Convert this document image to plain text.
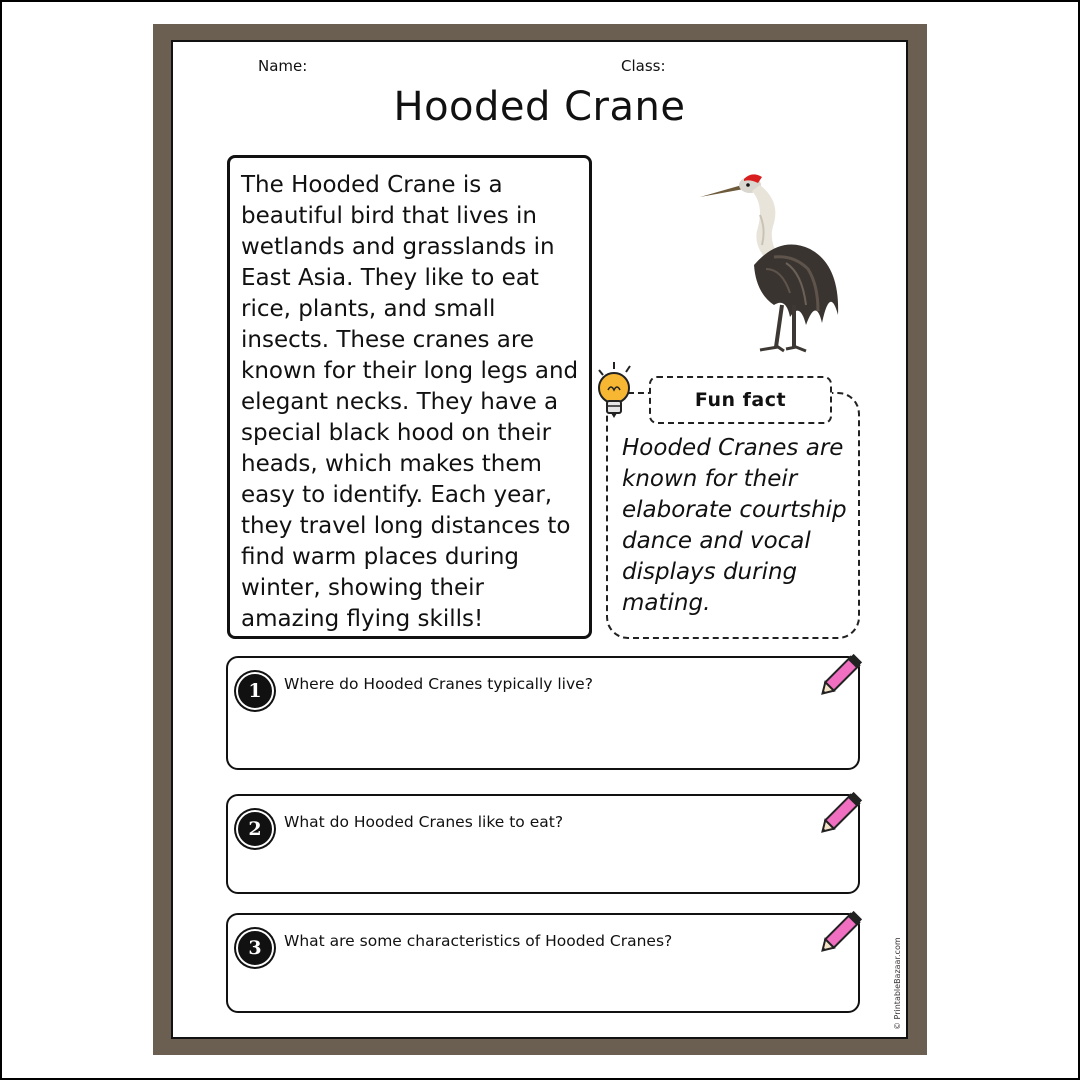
Name:	Class:
Hooded Crane
The Hooded Crane is a beautiful bird that lives in wetlands and grasslands in East Asia. They like to eat rice, plants, and small insects. These cranes are known for their long legs and elegant necks. They have a special black hood on their heads, which makes them easy to identify. Each year, they travel long distances to find warm places during winter, showing their amazing flying skills!
Fun fact
Hooded Cranes are known for their elaborate courtship dance and vocal displays during mating.
1	Where do Hooded Cranes typically live?
2	What do Hooded Cranes like to eat?
3	What are some characteristics of Hooded Cranes?	© PrintableBazaar.com
